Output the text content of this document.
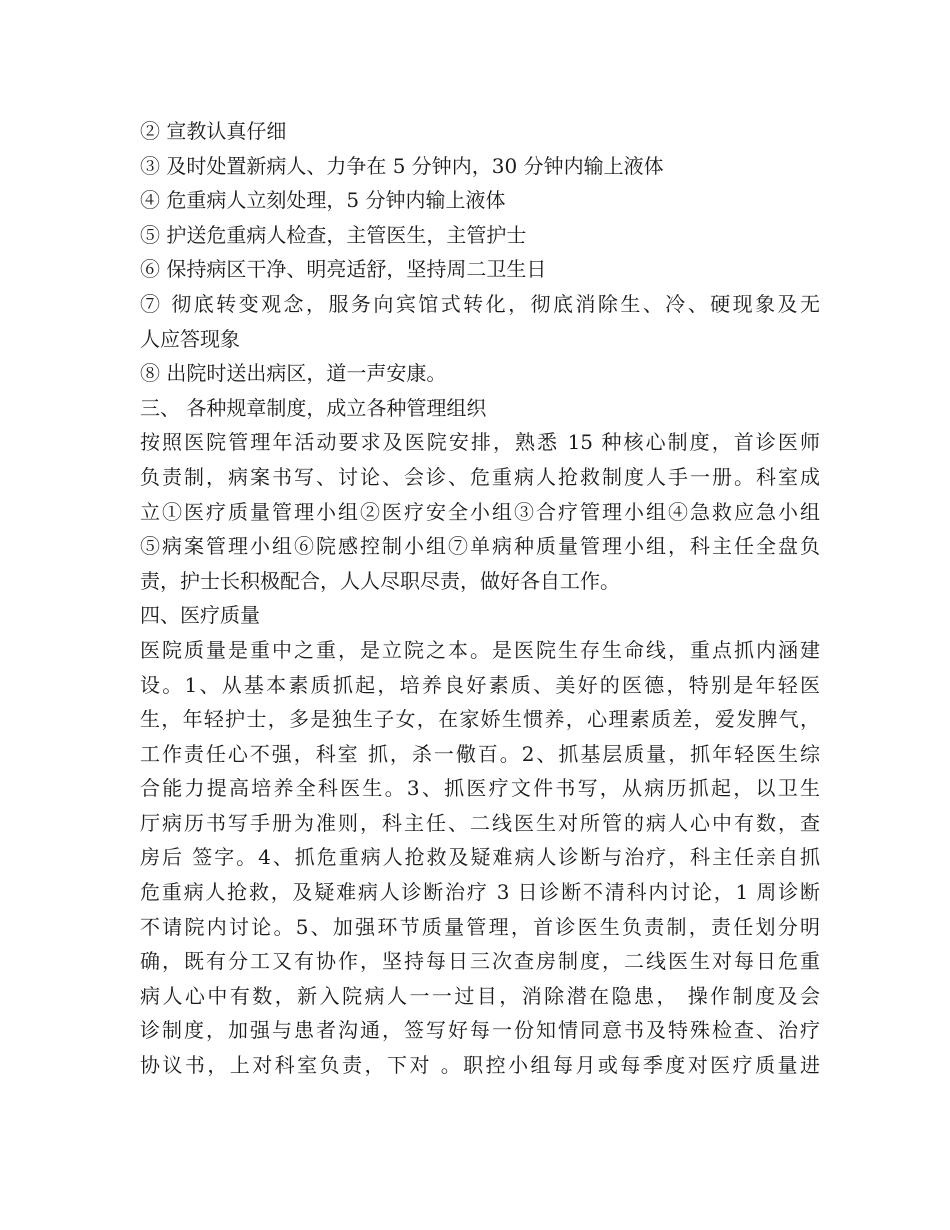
② 宣教认真仔细
③ 及时处置新病人、力争在 5 分钟内，30 分钟内输上液体
④ 危重病人立刻处理，5 分钟内输上液体
⑤ 护送危重病人检查，主管医生，主管护士
⑥ 保持病区干净、明亮适舒，坚持周二卫生日
⑦ 彻底转变观念，服务向宾馆式转化，彻底消除生、冷、硬现象及无
人应答现象
⑧ 出院时送出病区，道一声安康。
三、 各种规章制度，成立各种管理组织
按照医院管理年活动要求及医院安排，熟悉 15 种核心制度，首诊医师
负责制，病案书写、讨论、会诊、危重病人抢救制度人手一册。科室成
立①医疗质量管理小组②医疗安全小组③合疗管理小组④急救应急小组
⑤病案管理小组⑥院感控制小组⑦单病种质量管理小组，科主任全盘负
责，护士长积极配合，人人尽职尽责，做好各自工作。
四、医疗质量
医院质量是重中之重，是立院之本。是医院生存生命线，重点抓内涵建
设。1、从基本素质抓起，培养良好素质、美好的医德，特别是年轻医
生，年轻护士，多是独生子女，在家娇生惯养，心理素质差，爱发脾气，
工作责任心不强，科室 抓，杀一儆百。2、抓基层质量，抓年轻医生综
合能力提高培养全科医生。3、抓医疗文件书写，从病历抓起，以卫生
厅病历书写手册为准则，科主任、二线医生对所管的病人心中有数，查
房后 签字。4、抓危重病人抢救及疑难病人诊断与治疗，科主任亲自抓
危重病人抢救，及疑难病人诊断治疗 3 日诊断不清科内讨论，1 周诊断
不请院内讨论。5、加强环节质量管理，首诊医生负责制，责任划分明
确，既有分工又有协作，坚持每日三次查房制度，二线医生对每日危重
病人心中有数，新入院病人一一过目，消除潜在隐患， 操作制度及会
诊制度，加强与患者沟通，签写好每一份知情同意书及特殊检查、治疗
协议书，上对科室负责，下对 。职控小组每月或每季度对医疗质量进
